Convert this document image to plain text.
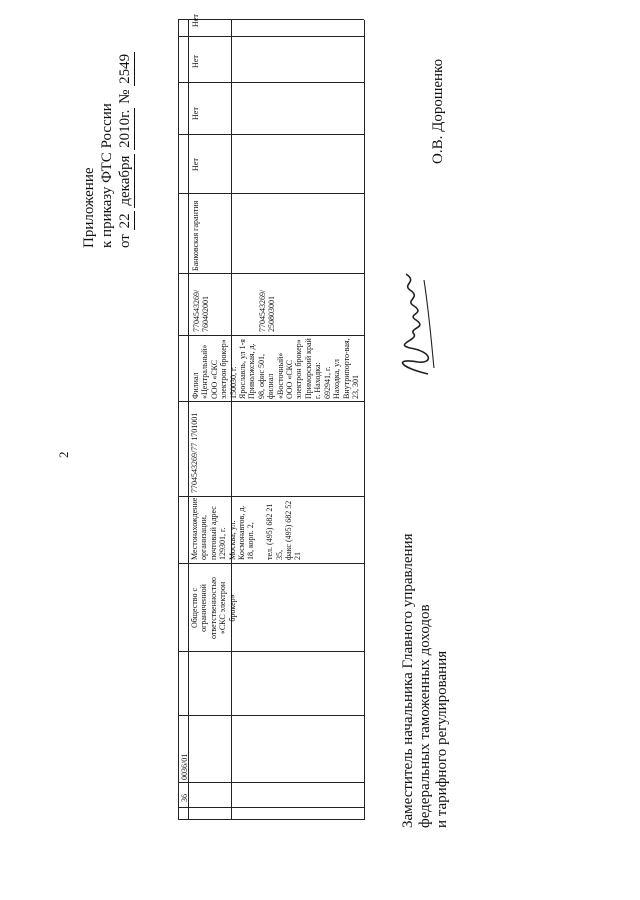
2
Приложение к приказу ФТС России от 22 декабря 2010г. № 2549
36
0036/01
Общество с ограниченной ответственностью «СКС электрон брокер»
Местонахождение организации, почтовый адрес 129301, г. Москва, ул. Космонавтов, д. 18, корп. 2,

тел. (495) 682 21 35,
факс (495) 682 52 21
7704543269/77 1701001
Филиал «Центральный» ООО «СКС электрон брокер» 150030, г. Ярославль, ул 1-я Приволжская, д. 98, офис 501, филиал «Восточный» ООО «СКС электрон брокер» Приморский край г. Находка: 692941, г. Находка, ул Внутрипорто-вая, 23, 301
7704543269/ 760402001	7704543269/ 250803001
Банковская гарантия
Нет
Нет
Нет
Нет
Заместитель начальника Главного управления федеральных таможенных доходов и тарифного регулирования
О.В. Дорошенко
